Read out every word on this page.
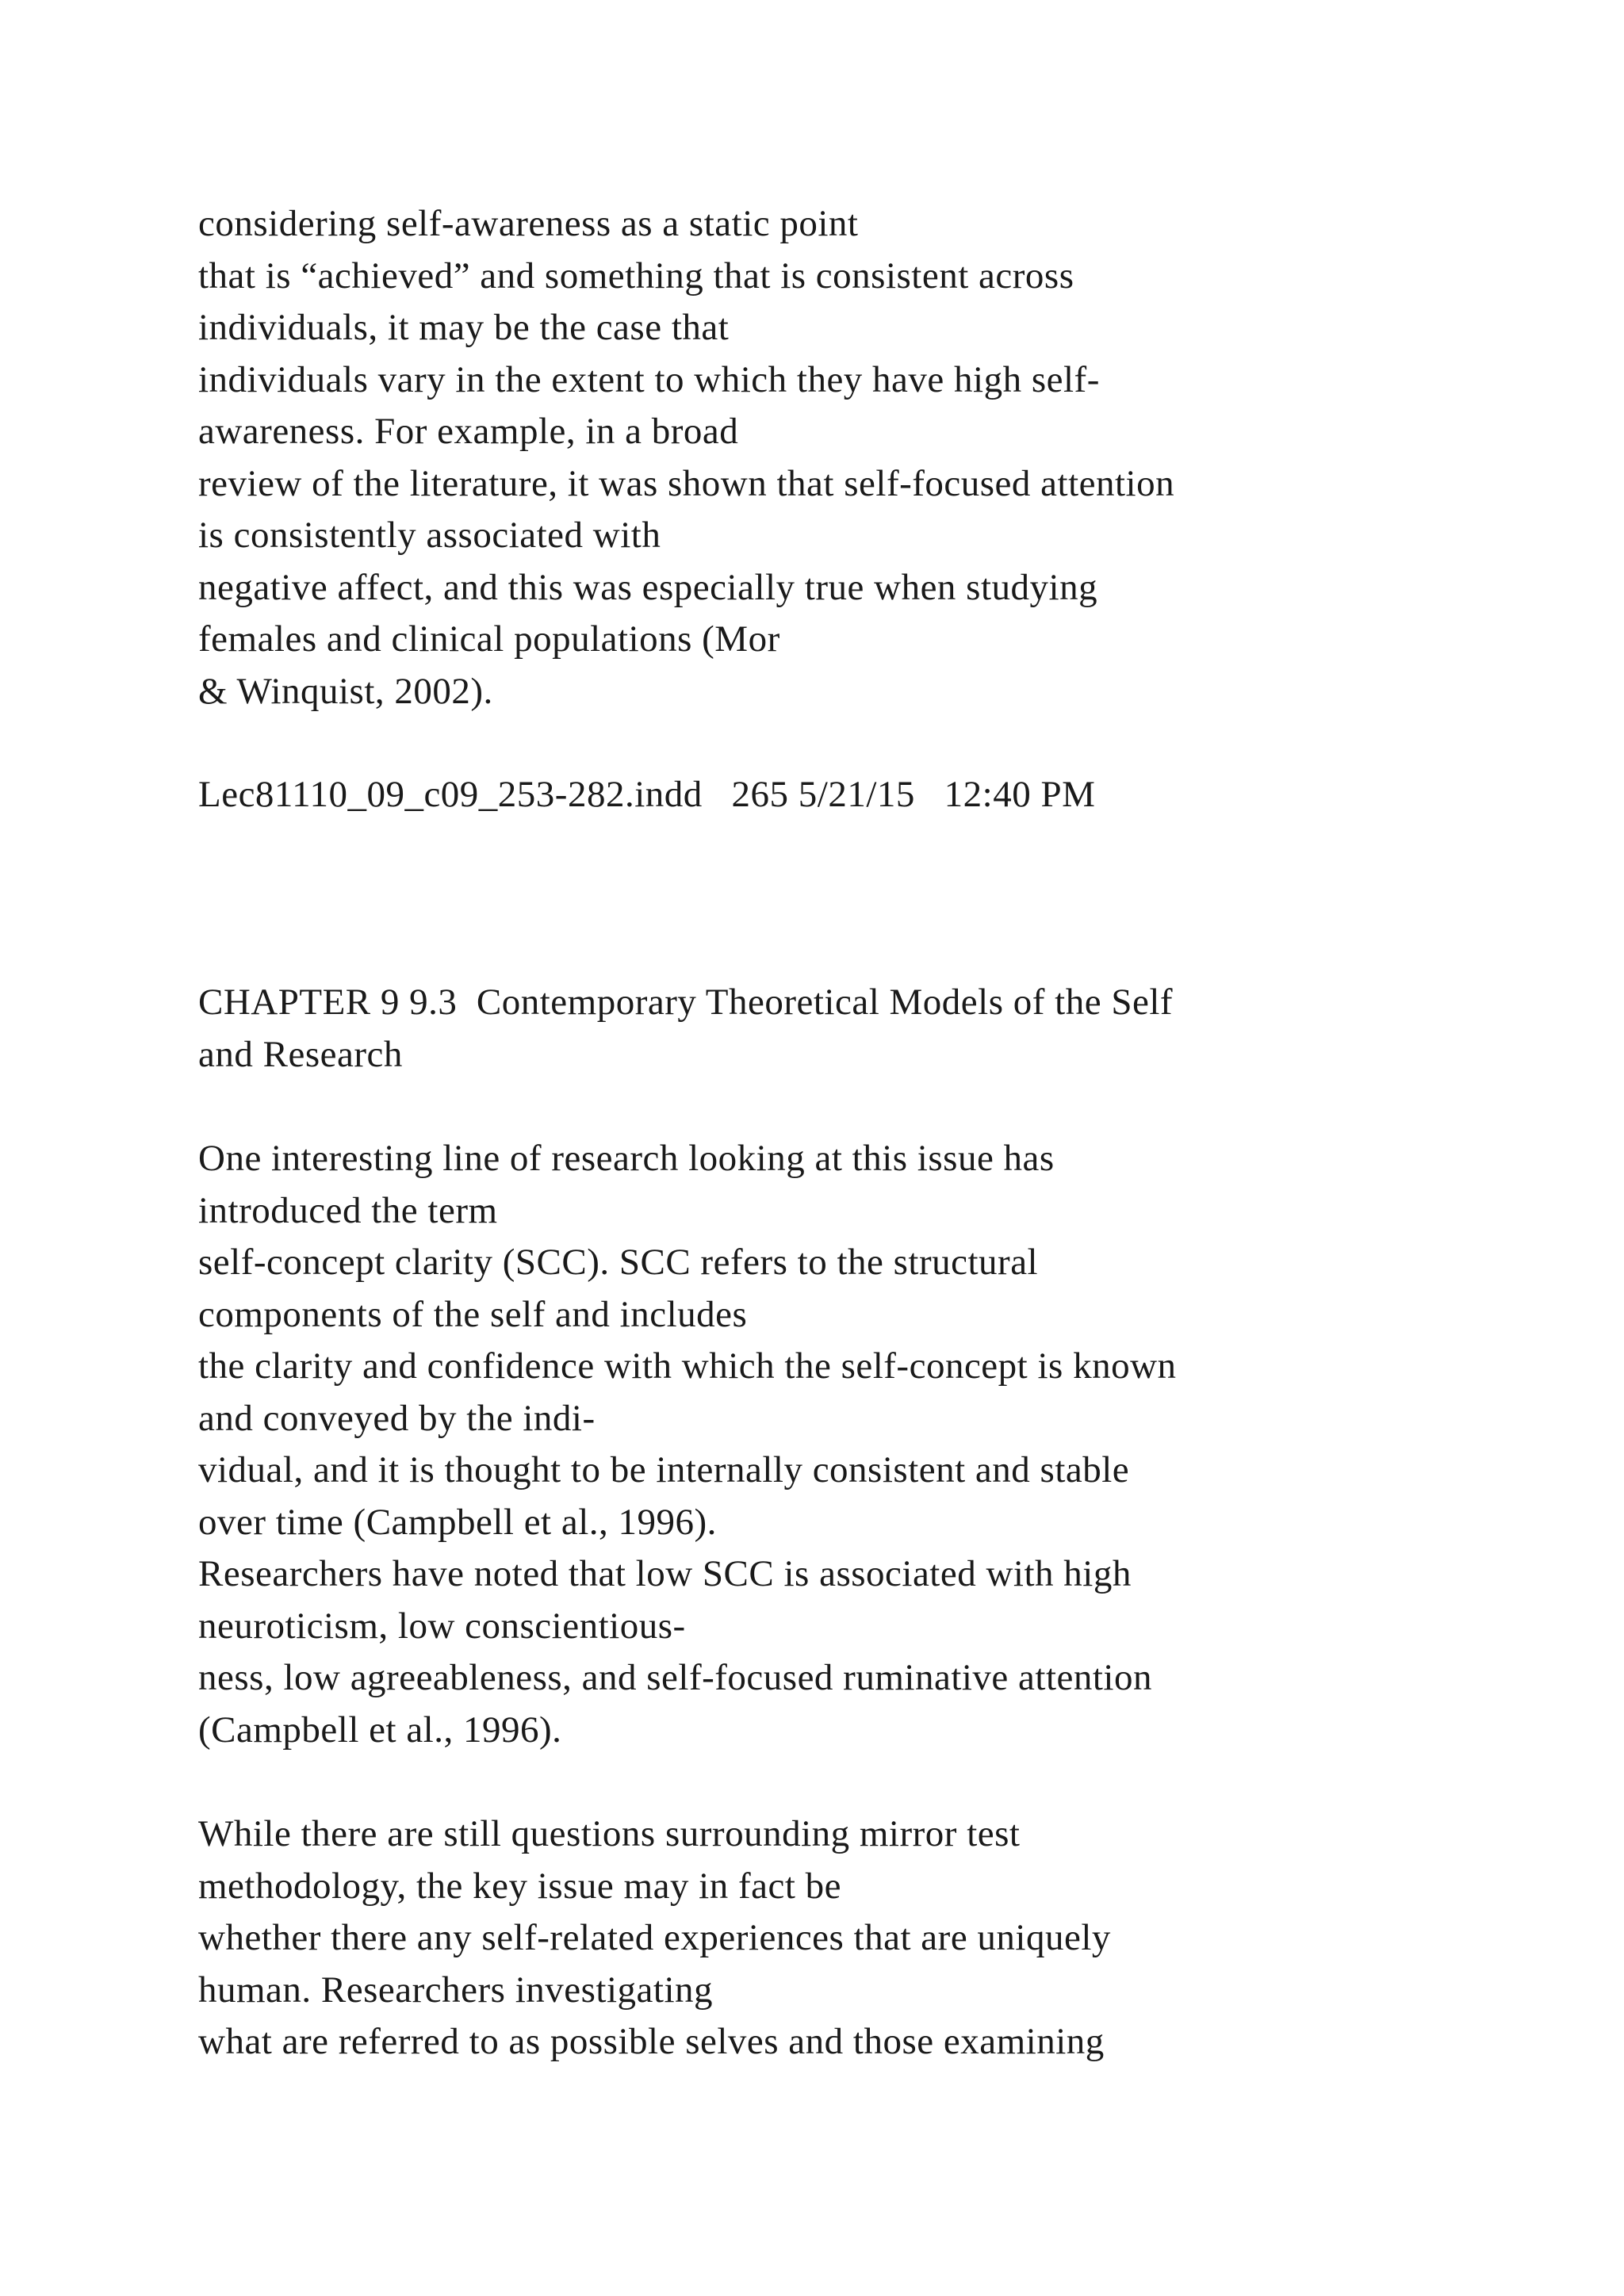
considering self-awareness as a static point
that is “achieved” and something that is consistent across
individuals, it may be the case that
individuals vary in the extent to which they have high self-
awareness. For example, in a broad
review of the literature, it was shown that self-focused attention
is consistently associated with
negative affect, and this was especially true when studying
females and clinical populations (Mor
& Winquist, 2002).
Lec81110_09_c09_253-282.indd   265 5/21/15   12:40 PM
CHAPTER 9 9.3  Contemporary Theoretical Models of the Self
and Research
One interesting line of research looking at this issue has
introduced the term
self-concept clarity (SCC). SCC refers to the structural
components of the self and includes
the clarity and confidence with which the self-concept is known
and conveyed by the indi-
vidual, and it is thought to be internally consistent and stable
over time (Campbell et al., 1996).
Researchers have noted that low SCC is associated with high
neuroticism, low conscientious-
ness, low agreeableness, and self-focused ruminative attention
(Campbell et al., 1996).
While there are still questions surrounding mirror test
methodology, the key issue may in fact be
whether there any self-related experiences that are uniquely
human. Researchers investigating
what are referred to as possible selves and those examining
